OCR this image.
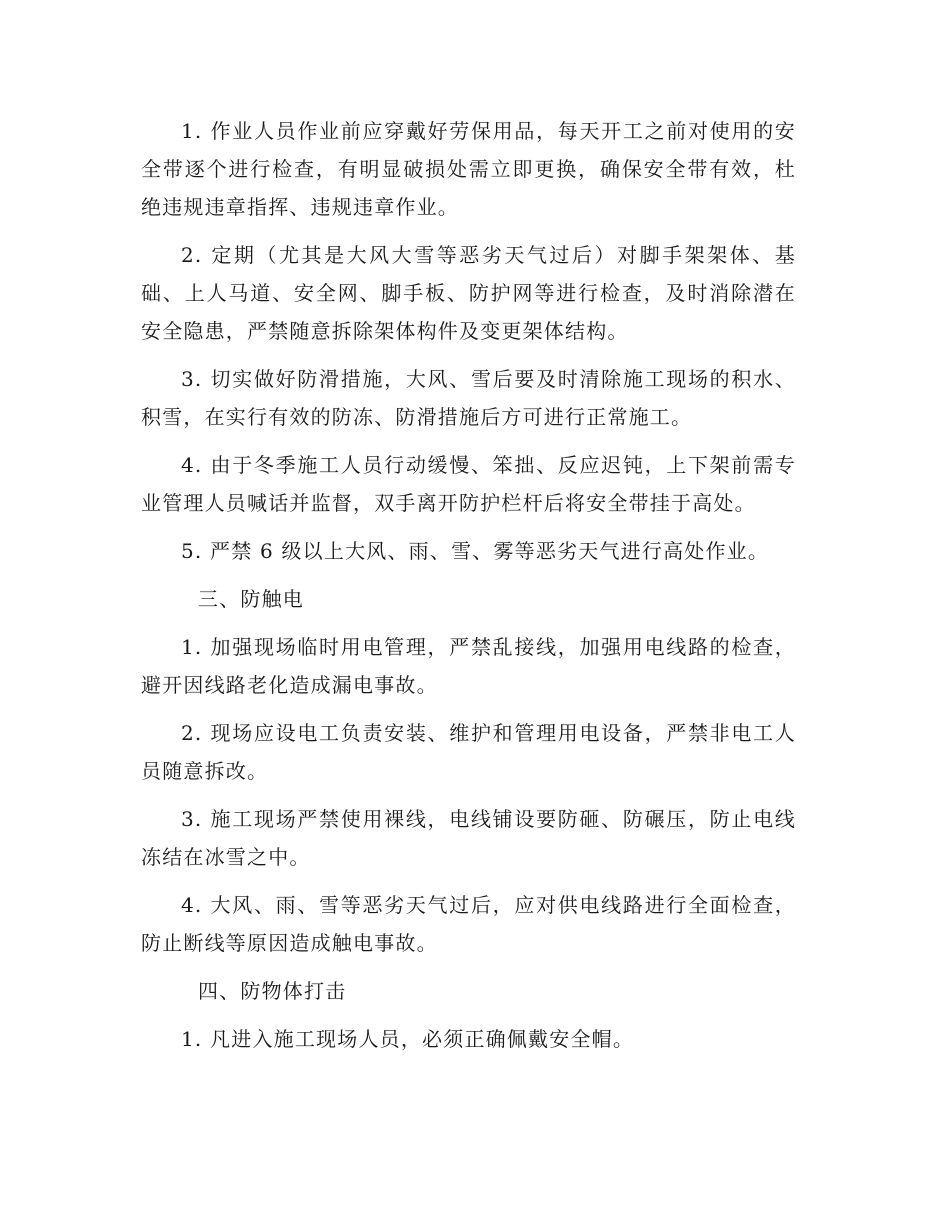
1. 作业人员作业前应穿戴好劳保用品，每天开工之前对使用的安全带逐个进行检查，有明显破损处需立即更换，确保安全带有效，杜绝违规违章指挥、违规违章作业。

2. 定期（尤其是大风大雪等恶劣天气过后）对脚手架架体、基础、上人马道、安全网、脚手板、防护网等进行检查，及时消除潜在安全隐患，严禁随意拆除架体构件及变更架体结构。

3. 切实做好防滑措施，大风、雪后要及时清除施工现场的积水、积雪，在实行有效的防冻、防滑措施后方可进行正常施工。

4. 由于冬季施工人员行动缓慢、笨拙、反应迟钝，上下架前需专业管理人员喊话并监督，双手离开防护栏杆后将安全带挂于高处。

5. 严禁 6 级以上大风、雨、雪、雾等恶劣天气进行高处作业。

三、防触电

1. 加强现场临时用电管理，严禁乱接线，加强用电线路的检查，避开因线路老化造成漏电事故。

2. 现场应设电工负责安装、维护和管理用电设备，严禁非电工人员随意拆改。

3. 施工现场严禁使用裸线，电线铺设要防砸、防碾压，防止电线冻结在冰雪之中。

4. 大风、雨、雪等恶劣天气过后，应对供电线路进行全面检查，防止断线等原因造成触电事故。

四、防物体打击

1. 凡进入施工现场人员，必须正确佩戴安全帽。
